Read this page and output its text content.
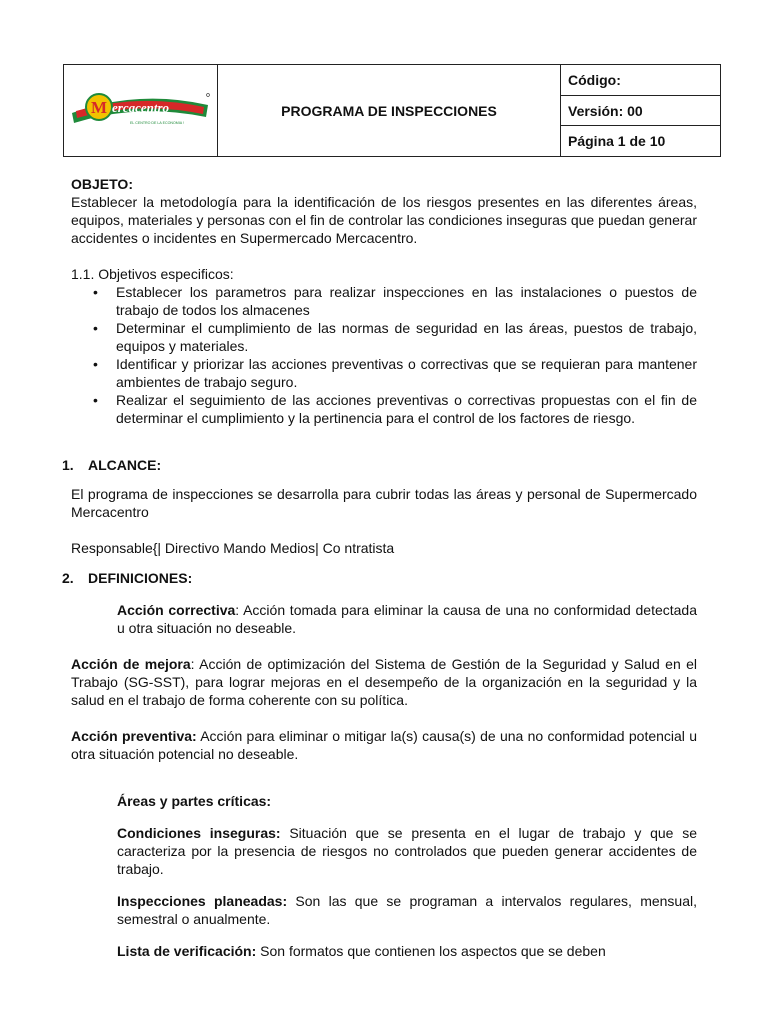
M ercacentro
EL CENTRO DE LA ECONOMIA !
PROGRAMA DE INSPECCIONES
Código:
Versión: 00
Página 1 de 10

OBJETO:

Establecer la metodología para la identificación de los riesgos presentes en las diferentes áreas, equipos, materiales y personas con el fin de controlar las condiciones inseguras que puedan generar accidentes o incidentes en Supermercado Mercacentro.

1.1. Objetivos especificos:

• Establecer los parametros para realizar inspecciones en las instalaciones o puestos de trabajo de todos los almacenes
• Determinar el cumplimiento de las normas de seguridad en las áreas, puestos de trabajo, equipos y materiales.
• Identificar y priorizar las acciones preventivas o correctivas que se requieran para mantener ambientes de trabajo seguro.
• Realizar el seguimiento de las acciones preventivas o correctivas propuestas con el fin de determinar el cumplimiento y la pertinencia para el control de los factores de riesgo.
1.	ALCANCE:

El programa de inspecciones se desarrolla para cubrir todas las áreas y personal de Supermercado Mercacentro

Responsable{| Directivo Mando Medios| Co ntratista

2.	DEFINICIONES:

Acción correctiva: Acción tomada para eliminar la causa de una no conformidad detectada u otra situación no deseable.

Acción de mejora: Acción de optimización del Sistema de Gestión de la Seguridad y Salud en el Trabajo (SG-SST), para lograr mejoras en el desempeño de la organización en la seguridad y la salud en el trabajo de forma coherente con su política.

Acción preventiva: Acción para eliminar o mitigar la(s) causa(s) de una no conformidad potencial u otra situación potencial no deseable.

Áreas y partes críticas:

Condiciones inseguras: Situación que se presenta en el lugar de trabajo y que se caracteriza por la presencia de riesgos no controlados que pueden generar accidentes de trabajo.

Inspecciones planeadas: Son las que se programan a intervalos regulares, mensual, semestral o anualmente.

Lista de verificación: Son formatos que contienen los aspectos que se deben
